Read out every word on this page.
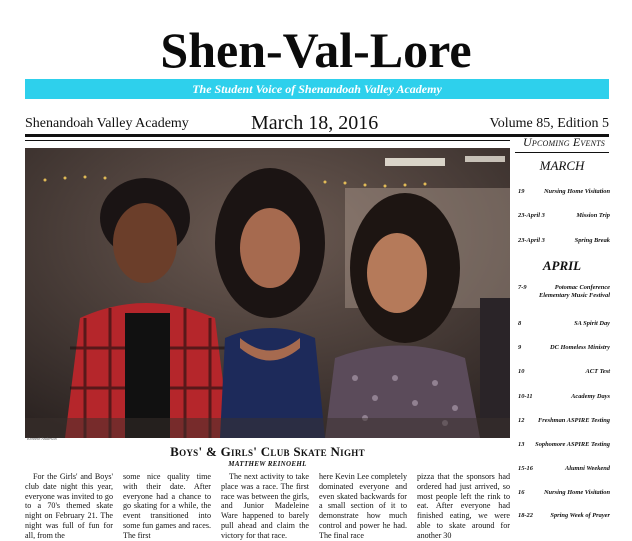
Shen-Val-Lore
The Student Voice of Shenandoah Valley Academy
Shenandoah Valley Academy	March 18, 2016	Volume 85, Edition 5
Kenneth Anderson
Boys' & Girls' Club Skate Night
MATTHEW REINOEHL

For the Girls' and Boys' club date night this year, everyone was invited to go to a 70's themed skate night on February 21. The night was full of fun for all, from the

some nice quality time with their date. After everyone had a chance to go skating for a while, the event transitioned into some fun games and races. The first

The next activity to take place was a race. The first race was between the girls, and Junior Madeleine Ware happened to barely pull ahead and claim the victory for that race.

here Kevin Lee completely dominated everyone and even skated backwards for a small section of it to demonstrate how much control and power he had. The final race

pizza that the sponsors had ordered had just arrived, so most people left the rink to eat. After everyone had finished eating, we were able to skate around for another 30

Upcoming Events
MARCH
19	Nursing Home Visitation
23-April 3	Mission Trip
23-April 3	Spring Break
APRIL
7-9	Potomac Conference Elementary Music Festival
8	SA Spirit Day
9	DC Homeless Ministry
10	ACT Test
10-11	Academy Days
12 Freshman ASPIRE Testing
13 Sophomore ASPIRE Testing
15-16	Alumni Weekend
16	Nursing Home Visitation
18-22	Spring Week of Prayer
